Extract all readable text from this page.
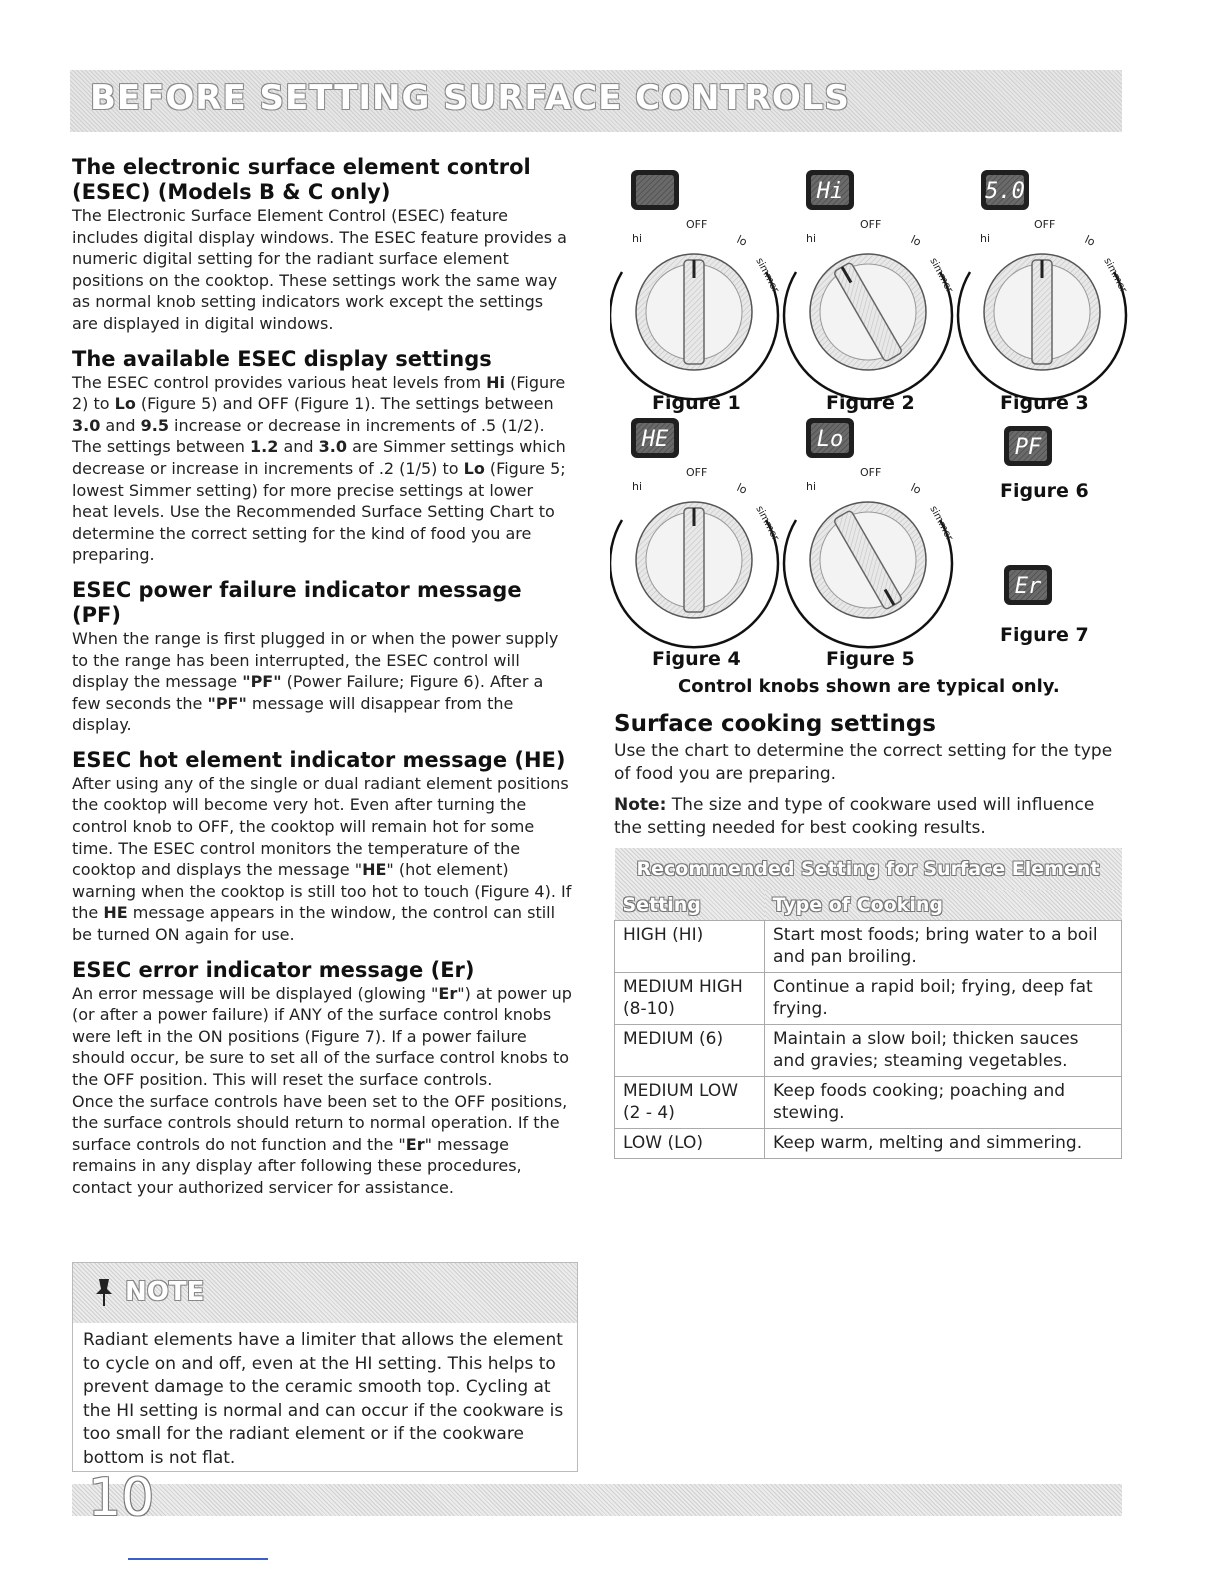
BEFORE SETTING SURFACE CONTROLS
The electronic surface element control (ESEC) (Models B & C only)

The Electronic Surface Element Control (ESEC) feature includes digital display windows. The ESEC feature provides a numeric digital setting for the radiant surface element positions on the cooktop. These settings work the same way as normal knob setting indicators work except the settings are displayed in digital windows.

The available ESEC display settings

The ESEC control provides various heat levels from Hi (Figure 2) to Lo (Figure 5) and OFF (Figure 1). The settings between 3.0 and 9.5 increase or decrease in increments of .5 (1/2). The settings between 1.2 and 3.0 are Simmer settings which decrease or increase in increments of .2 (1/5) to Lo (Figure 5; lowest Simmer setting) for more precise settings at lower heat levels. Use the Recommended Surface Setting Chart to determine the correct setting for the kind of food you are preparing.

ESEC power failure indicator message (PF)

When the range is first plugged in or when the power supply to the range has been interrupted, the ESEC control will display the message "PF" (Power Failure; Figure 6). After a few seconds the "PF" message will disappear from the display.

ESEC hot element indicator message (HE)

After using any of the single or dual radiant element positions the cooktop will become very hot. Even after turning the control knob to OFF, the cooktop will remain hot for some time. The ESEC control monitors the temperature of the cooktop and displays the message "HE" (hot element) warning when the cooktop is still too hot to touch (Figure 4). If the HE message appears in the window, the control can still be turned ON again for use.

ESEC error indicator message (Er)

An error message will be displayed (glowing "Er") at power up (or after a power failure) if ANY of the surface control knobs were left in the ON positions (Figure 7). If a power failure should occur, be sure to set all of the surface control knobs to the OFF position. This will reset the surface controls.

Once the surface controls have been set to the OFF positions, the surface controls should return to normal operation. If the surface controls do not function and the "Er" message remains in any display after following these procedures, contact your authorized servicer for assistance.

NOTE
Radiant elements have a limiter that allows the element to cycle on and off, even at the HI setting. This helps to prevent damage to the ceramic smooth top. Cycling at the HI setting is normal and can occur if the cookware is too small for the radiant element or if the cookware bottom is not flat.
10
Hi	5.0
OFF
hi	lo
simmer
OFF
hi	lo
simmer
OFF
hi	lo
simmer
HE	Lo	PF
Er
OFF
hi	lo
simmer
OFF
hi	lo
simmer
Figure 1	Figure 2	Figure 3
Figure 6
Figure 7
Figure 4	Figure 5
Control knobs shown are typical only.
Surface cooking settings

Use the chart to determine the correct setting for the type of food you are preparing.

Note: The size and type of cookware used will influence the setting needed for best cooking results.

Recommended Setting for Surface Element	
Setting	Type of Cooking
HIGH (HI)	Start most foods; bring water to a boil and pan broiling.
MEDIUM HIGH (8-10)	Continue a rapid boil; frying, deep fat frying.
MEDIUM (6)	Maintain a slow boil; thicken sauces and gravies; steaming vegetables.
MEDIUM LOW (2 - 4)	Keep foods cooking; poaching and stewing.
LOW (LO)	Keep warm, melting and simmering.
